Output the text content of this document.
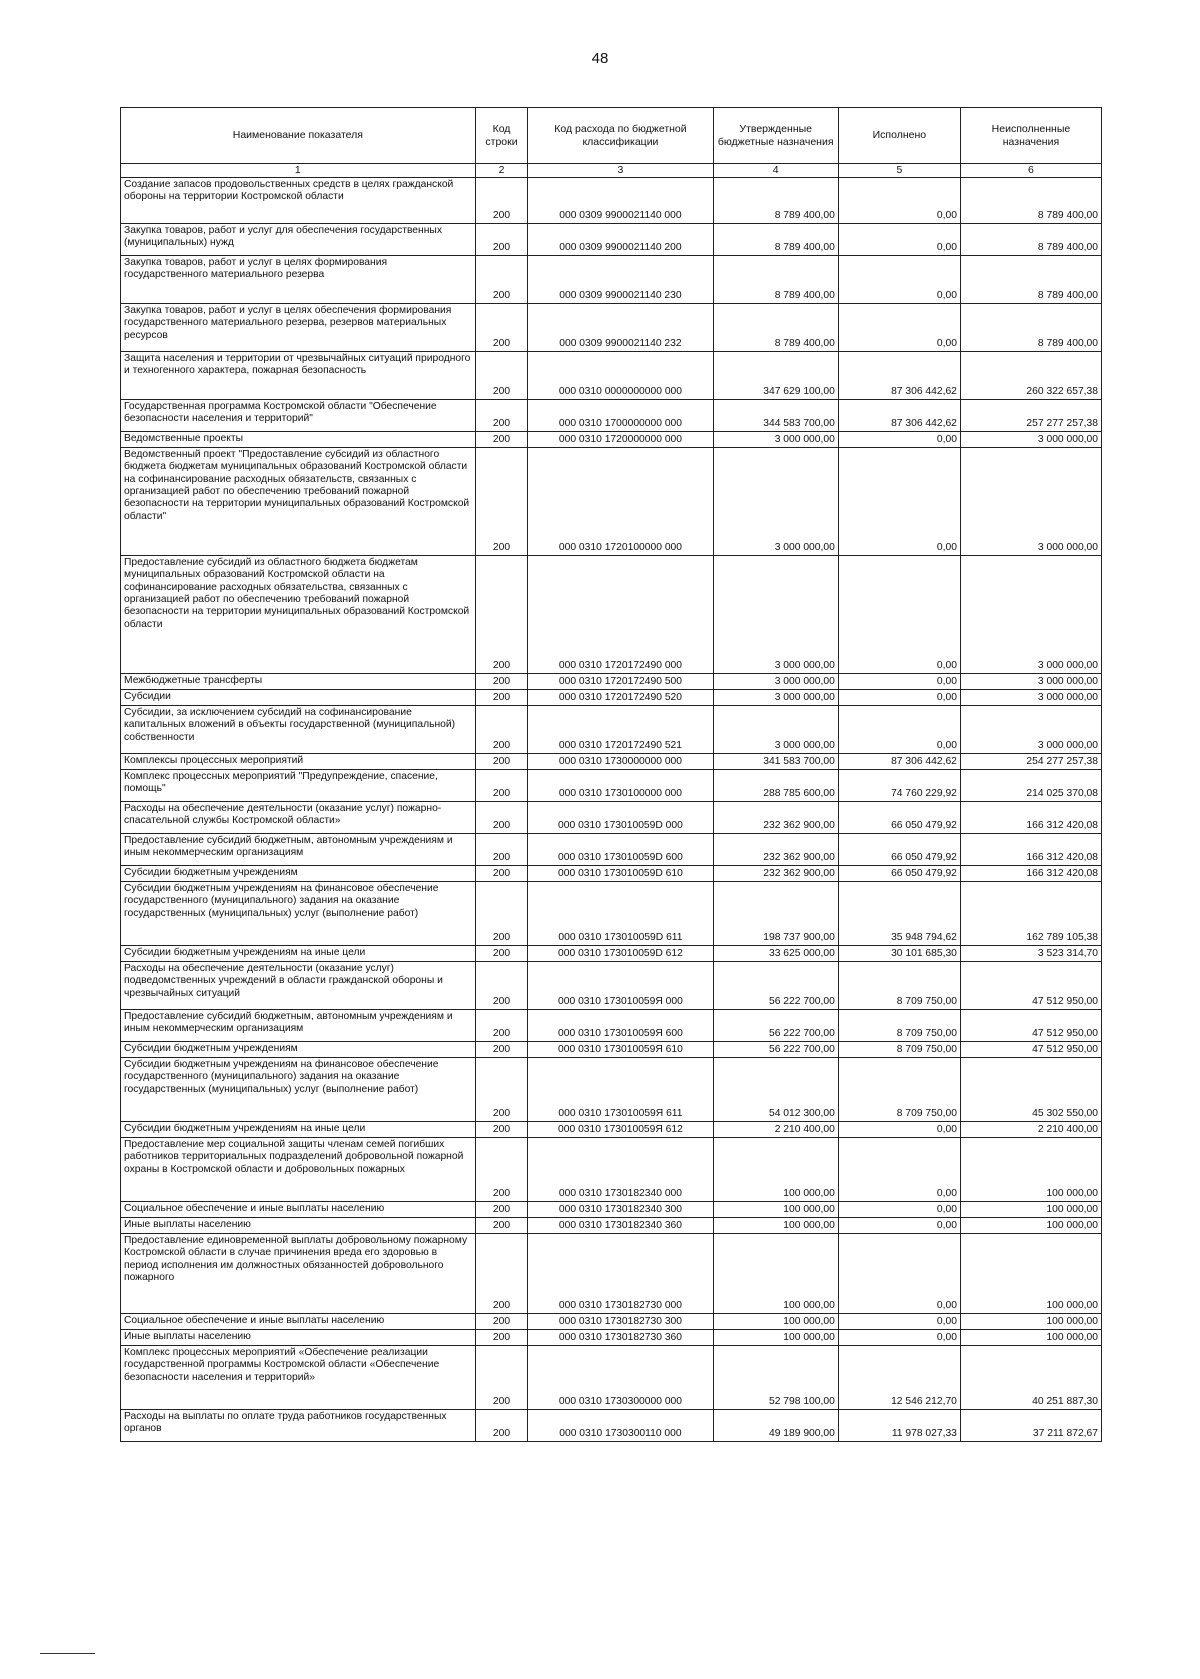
48
Наименование показателя	Код строки	Код расхода по бюджетной классификации	Утвержденные бюджетные назначения	Исполнено	Неисполненные назначения
1	2	3	4	5	6
Создание запасов продовольственных средств в целях гражданской обороны на территории Костромской области	200	000 0309 9900021140 000	8 789 400,00	0,00	8 789 400,00
Закупка товаров, работ и услуг для обеспечения государственных (муниципальных) нужд	200	000 0309 9900021140 200	8 789 400,00	0,00	8 789 400,00
Закупка товаров, работ и услуг в целях формирования государственного материального резерва	200	000 0309 9900021140 230	8 789 400,00	0,00	8 789 400,00
Закупка товаров, работ и услуг в целях обеспечения формирования государственного материального резерва, резервов материальных ресурсов	200	000 0309 9900021140 232	8 789 400,00	0,00	8 789 400,00
Защита населения и территории от чрезвычайных ситуаций природного и техногенного характера, пожарная безопасность	200	000 0310 0000000000 000	347 629 100,00	87 306 442,62	260 322 657,38
Государственная программа Костромской области "Обеспечение безопасности населения и территорий"	200	000 0310 1700000000 000	344 583 700,00	87 306 442,62	257 277 257,38
Ведомственные проекты	200	000 0310 1720000000 000	3 000 000,00	0,00	3 000 000,00
Ведомственный проект "Предоставление субсидий из областного бюджета бюджетам муниципальных образований Костромской области на софинансирование расходных обязательств, связанных с организацией работ по обеспечению требований пожарной безопасности на территории муниципальных образований Костромской области"	200	000 0310 1720100000 000	3 000 000,00	0,00	3 000 000,00
Предоставление субсидий из областного бюджета бюджетам муниципальных образований Костромской области на софинансирование расходных обязательства, связанных с организацией работ по обеспечению требований пожарной безопасности на территории муниципальных образований Костромской области	200	000 0310 1720172490 000	3 000 000,00	0,00	3 000 000,00
Межбюджетные трансферты	200	000 0310 1720172490 500	3 000 000,00	0,00	3 000 000,00
Субсидии	200	000 0310 1720172490 520	3 000 000,00	0,00	3 000 000,00
Субсидии, за исключением субсидий на софинансирование капитальных вложений в объекты государственной (муниципальной) собственности	200	000 0310 1720172490 521	3 000 000,00	0,00	3 000 000,00
Комплексы процессных мероприятий	200	000 0310 1730000000 000	341 583 700,00	87 306 442,62	254 277 257,38
Комплекс процессных мероприятий "Предупреждение, спасение, помощь"	200	000 0310 1730100000 000	288 785 600,00	74 760 229,92	214 025 370,08
Расходы на обеспечение деятельности (оказание услуг) пожарно-спасательной службы Костромской области»	200	000 0310 173010059D 000	232 362 900,00	66 050 479,92	166 312 420,08
Предоставление субсидий бюджетным, автономным учреждениям и иным некоммерческим организациям	200	000 0310 173010059D 600	232 362 900,00	66 050 479,92	166 312 420,08
Субсидии бюджетным учреждениям	200	000 0310 173010059D 610	232 362 900,00	66 050 479,92	166 312 420,08
Субсидии бюджетным учреждениям на финансовое обеспечение государственного (муниципального) задания на оказание государственных (муниципальных) услуг (выполнение работ)	200	000 0310 173010059D 611	198 737 900,00	35 948 794,62	162 789 105,38
Субсидии бюджетным учреждениям на иные цели	200	000 0310 173010059D 612	33 625 000,00	30 101 685,30	3 523 314,70
Расходы на обеспечение деятельности (оказание услуг) подведомственных учреждений в области гражданской обороны и чрезвычайных ситуаций	200	000 0310 173010059Я 000	56 222 700,00	8 709 750,00	47 512 950,00
Предоставление субсидий бюджетным, автономным учреждениям и иным некоммерческим организациям	200	000 0310 173010059Я 600	56 222 700,00	8 709 750,00	47 512 950,00
Субсидии бюджетным учреждениям	200	000 0310 173010059Я 610	56 222 700,00	8 709 750,00	47 512 950,00
Субсидии бюджетным учреждениям на финансовое обеспечение государственного (муниципального) задания на оказание государственных (муниципальных) услуг (выполнение работ)	200	000 0310 173010059Я 611	54 012 300,00	8 709 750,00	45 302 550,00
Субсидии бюджетным учреждениям на иные цели	200	000 0310 173010059Я 612	2 210 400,00	0,00	2 210 400,00
Предоставление мер социальной защиты членам семей погибших работников территориальных подразделений добровольной пожарной охраны в Костромской области и добровольных пожарных	200	000 0310 1730182340 000	100 000,00	0,00	100 000,00
Социальное обеспечение и иные выплаты населению	200	000 0310 1730182340 300	100 000,00	0,00	100 000,00
Иные выплаты населению	200	000 0310 1730182340 360	100 000,00	0,00	100 000,00
Предоставление единовременной выплаты добровольному пожарному Костромской области в случае причинения вреда его здоровью в период исполнения им должностных обязанностей добровольного пожарного	200	000 0310 1730182730 000	100 000,00	0,00	100 000,00
Социальное обеспечение и иные выплаты населению	200	000 0310 1730182730 300	100 000,00	0,00	100 000,00
Иные выплаты населению	200	000 0310 1730182730 360	100 000,00	0,00	100 000,00
Комплекс процессных мероприятий «Обеспечение реализации государственной программы Костромской области «Обеспечение безопасности населения и территорий»	200	000 0310 1730300000 000	52 798 100,00	12 546 212,70	40 251 887,30
Расходы на выплаты по оплате труда работников государственных органов	200	000 0310 1730300110 000	49 189 900,00	11 978 027,33	37 211 872,67
